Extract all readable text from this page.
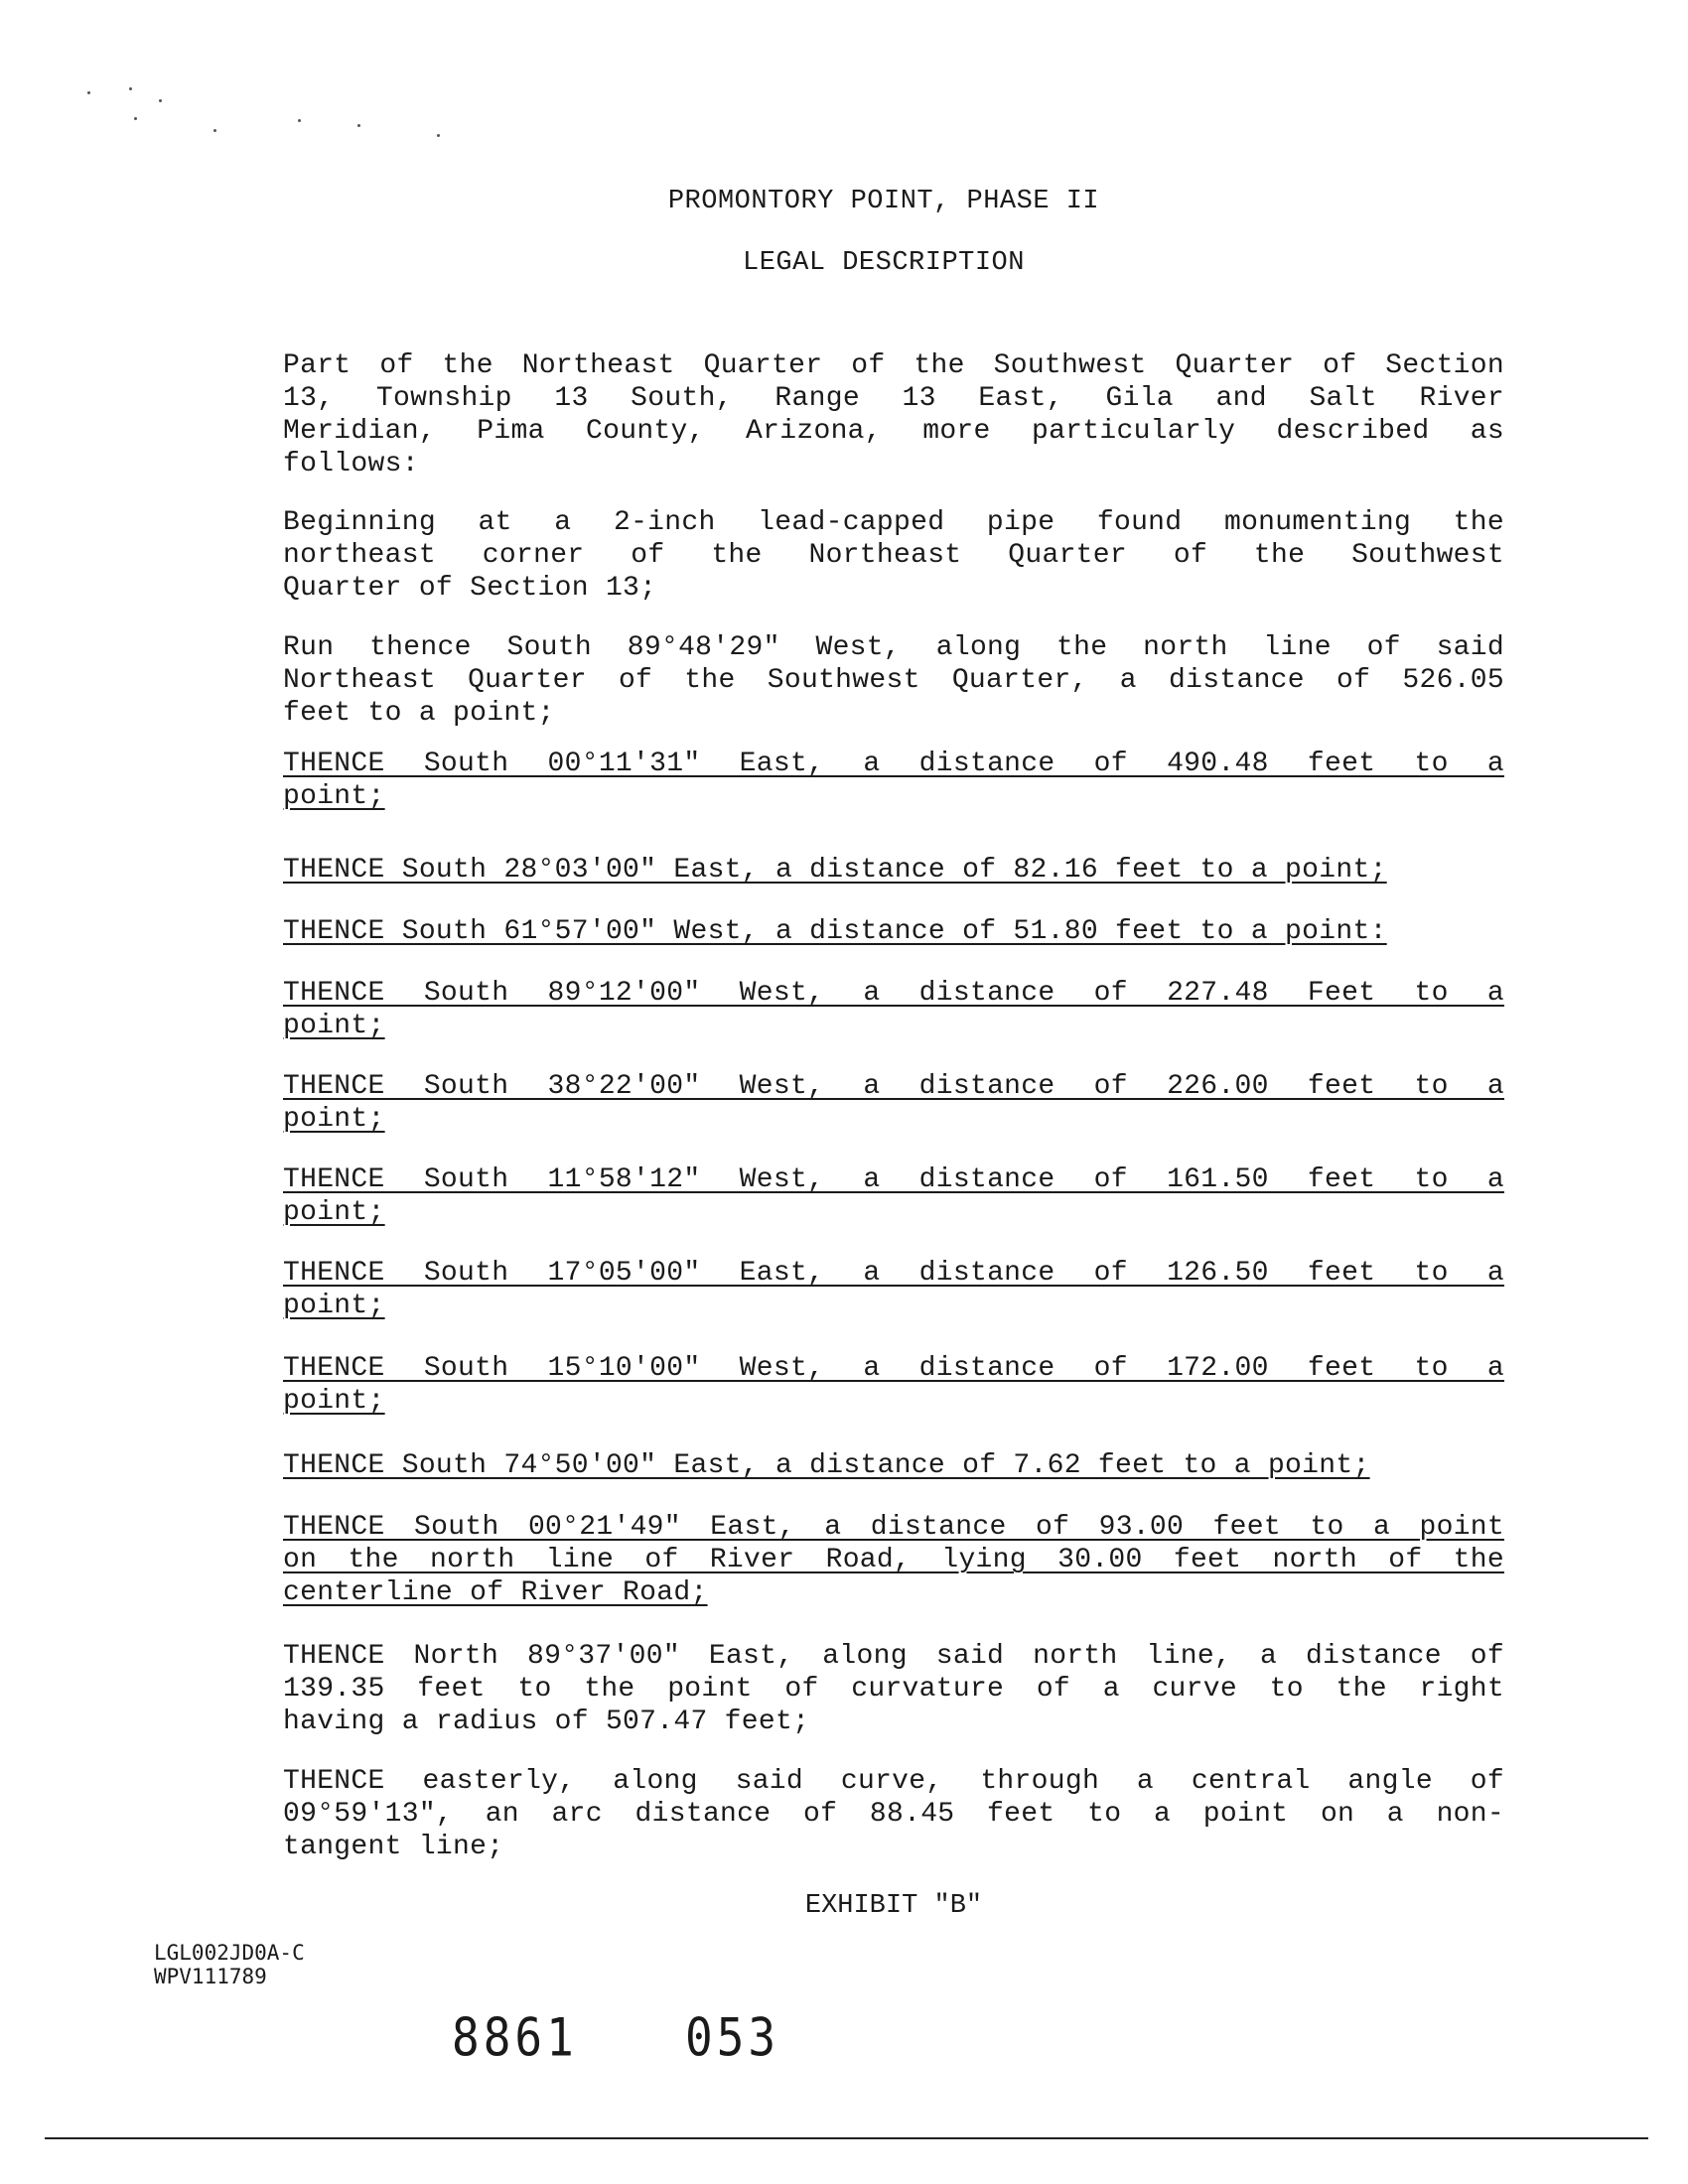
PROMONTORY POINT, PHASE II
LEGAL DESCRIPTION
Part of the Northeast Quarter of the Southwest Quarter of Section
13, Township 13 South, Range 13 East, Gila and Salt River
Meridian, Pima County, Arizona, more particularly described as
follows:
Beginning at a 2-inch lead-capped pipe found monumenting the
northeast corner of the Northeast Quarter of the Southwest
Quarter of Section 13;
Run thence South 89°48'29" West, along the north line of said
Northeast Quarter of the Southwest Quarter, a distance of 526.05
feet to a point;
THENCE South 00°11'31" East, a distance of 490.48 feet to a
point;
THENCE South 28°03'00" East, a distance of 82.16 feet to a point;
THENCE South 61°57'00" West, a distance of 51.80 feet to a point:
THENCE South 89°12'00" West, a distance of 227.48 Feet to a
point;
THENCE South 38°22'00" West, a distance of 226.00 feet to a
point;
THENCE South 11°58'12" West, a distance of 161.50 feet to a
point;
THENCE South 17°05'00" East, a distance of 126.50 feet to a
point;
THENCE South 15°10'00" West, a distance of 172.00 feet to a
point;
THENCE South 74°50'00" East, a distance of 7.62 feet to a point;
THENCE South 00°21'49" East, a distance of 93.00 feet to a point
on the north line of River Road, lying 30.00 feet north of the
centerline of River Road;
THENCE North 89°37'00" East, along said north line, a distance of
139.35 feet to the point of curvature of a curve to the right
having a radius of 507.47 feet;
THENCE easterly, along said curve, through a central angle of
09°59'13", an arc distance of 88.45 feet to a point on a non-
tangent line;
EXHIBIT "B"
LGL002JD0A-C
WPV111789
8861 053
